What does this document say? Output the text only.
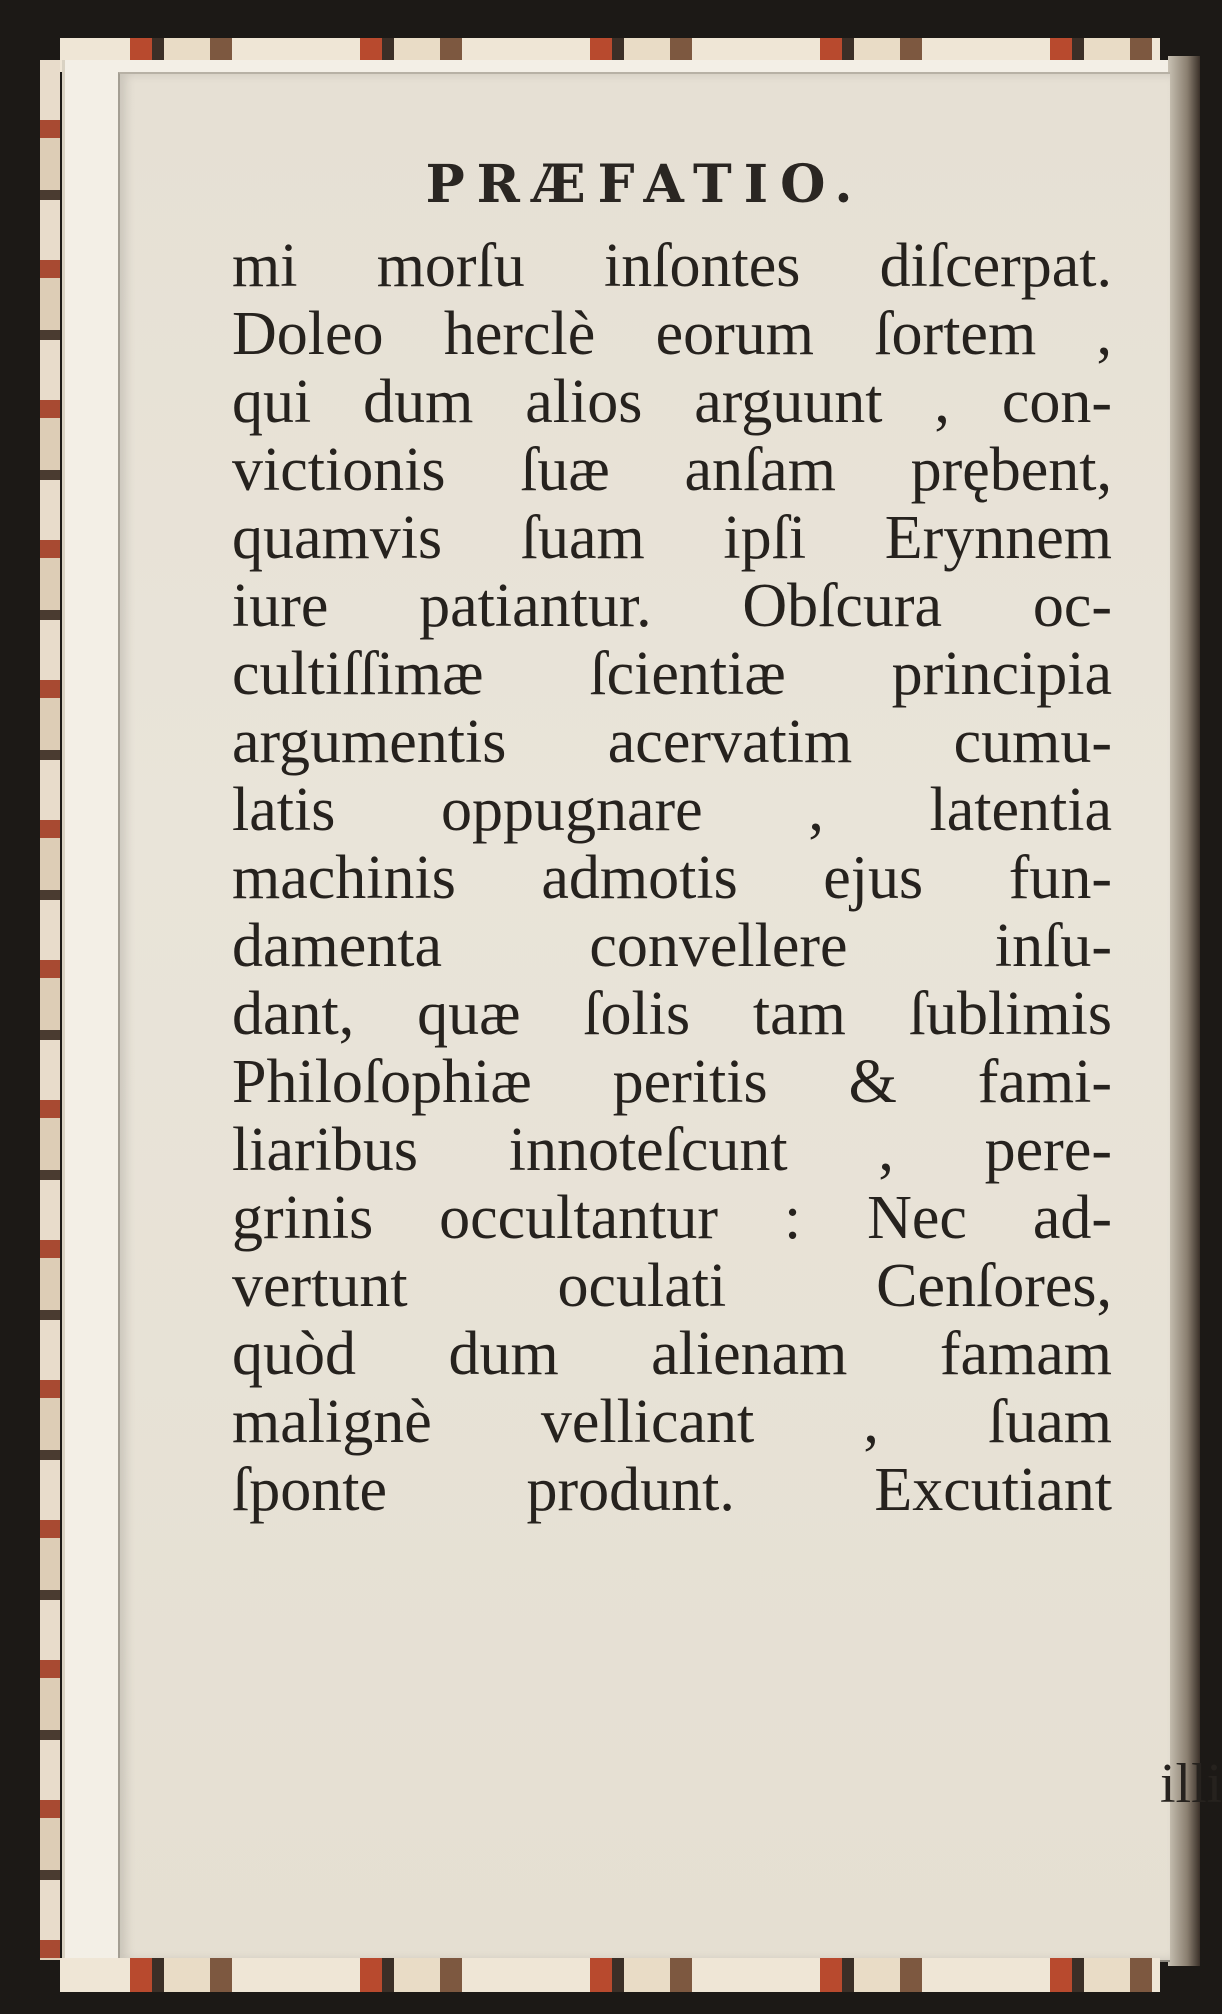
PRÆFATIO.

illi

mi morſu inſontes diſcerpat.
Doleo herclè eorum ſortem ,
qui dum alios arguunt , con-
victionis ſuæ anſam prębent,
quamvis ſuam ipſi Erynnem
iure patiantur. Obſcura oc-
cultiſſimæ ſcientiæ principia
argumentis acervatim cumu-
latis oppugnare , latentia
machinis admotis ejus fun-
damenta convellere inſu-
dant, quæ ſolis tam ſublimis
Philoſophiæ peritis & fami-
liaribus innoteſcunt , pere-
grinis occultantur : Nec ad-
vertunt oculati Cenſores,
quòd dum alienam famam
malignè vellicant , ſuam
ſponte produnt. Excutiant
